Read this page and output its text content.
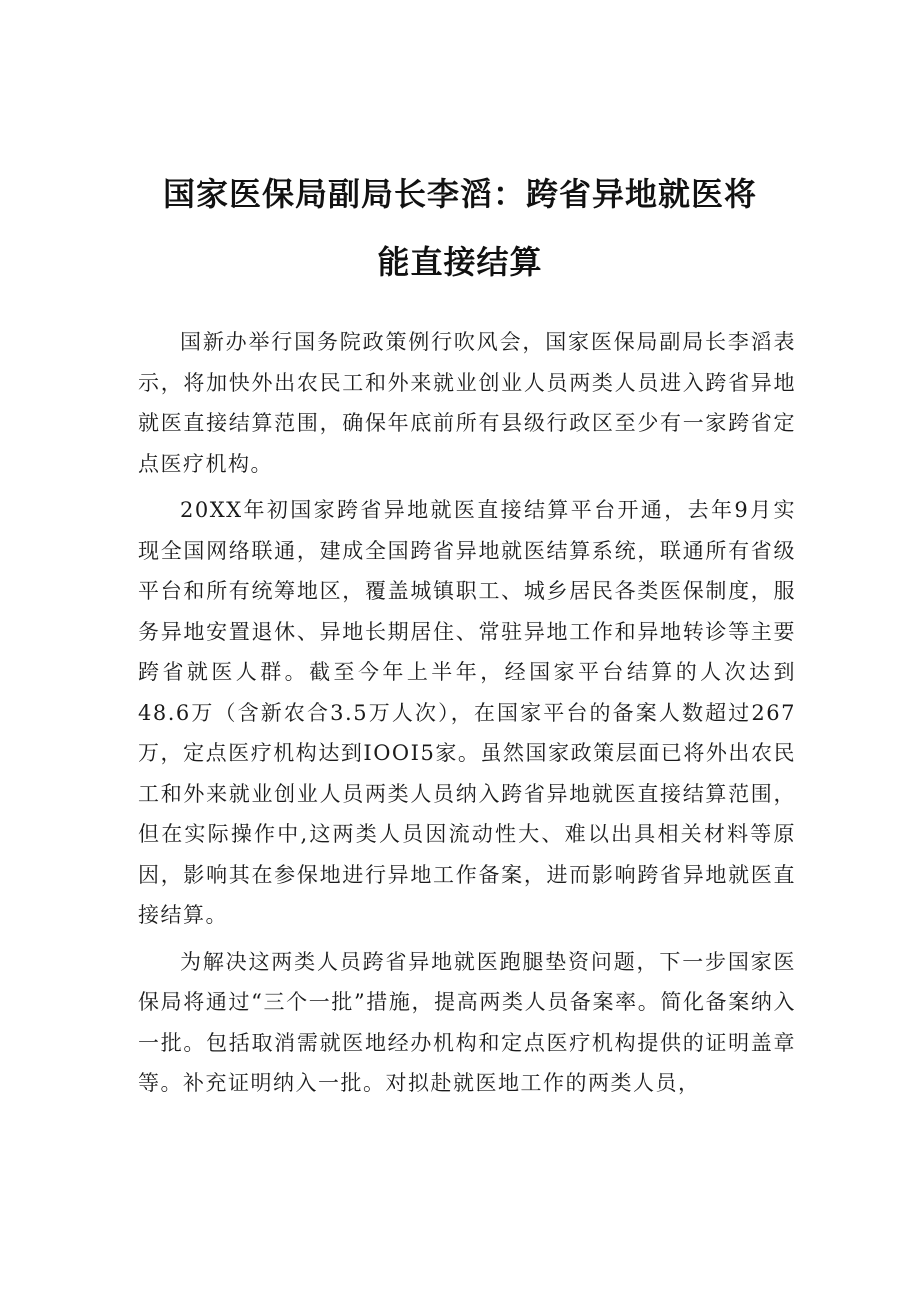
国家医保局副局长李滔：跨省异地就医将
能直接结算

国新办举行国务院政策例行吹风会，国家医保局副局长李滔表示，将加快外出农民工和外来就业创业人员两类人员进入跨省异地就医直接结算范围，确保年底前所有县级行政区至少有一家跨省定点医疗机构。

20XX年初国家跨省异地就医直接结算平台开通，去年9月实现全国网络联通，建成全国跨省异地就医结算系统，联通所有省级平台和所有统筹地区，覆盖城镇职工、城乡居民各类医保制度，服务异地安置退休、异地长期居住、常驻异地工作和异地转诊等主要跨省就医人群。截至今年上半年，经国家平台结算的人次达到48.6万（含新农合3.5万人次），在国家平台的备案人数超过267万，定点医疗机构达到IOOI5家。虽然国家政策层面已将外出农民工和外来就业创业人员两类人员纳入跨省异地就医直接结算范围，但在实际操作中,这两类人员因流动性大、难以出具相关材料等原因，影响其在参保地进行异地工作备案，进而影响跨省异地就医直接结算。

为解决这两类人员跨省异地就医跑腿垫资问题，下一步国家医保局将通过“三个一批”措施，提高两类人员备案率。简化备案纳入一批。包括取消需就医地经办机构和定点医疗机构提供的证明盖章等。补充证明纳入一批。对拟赴就医地工作的两类人员，
